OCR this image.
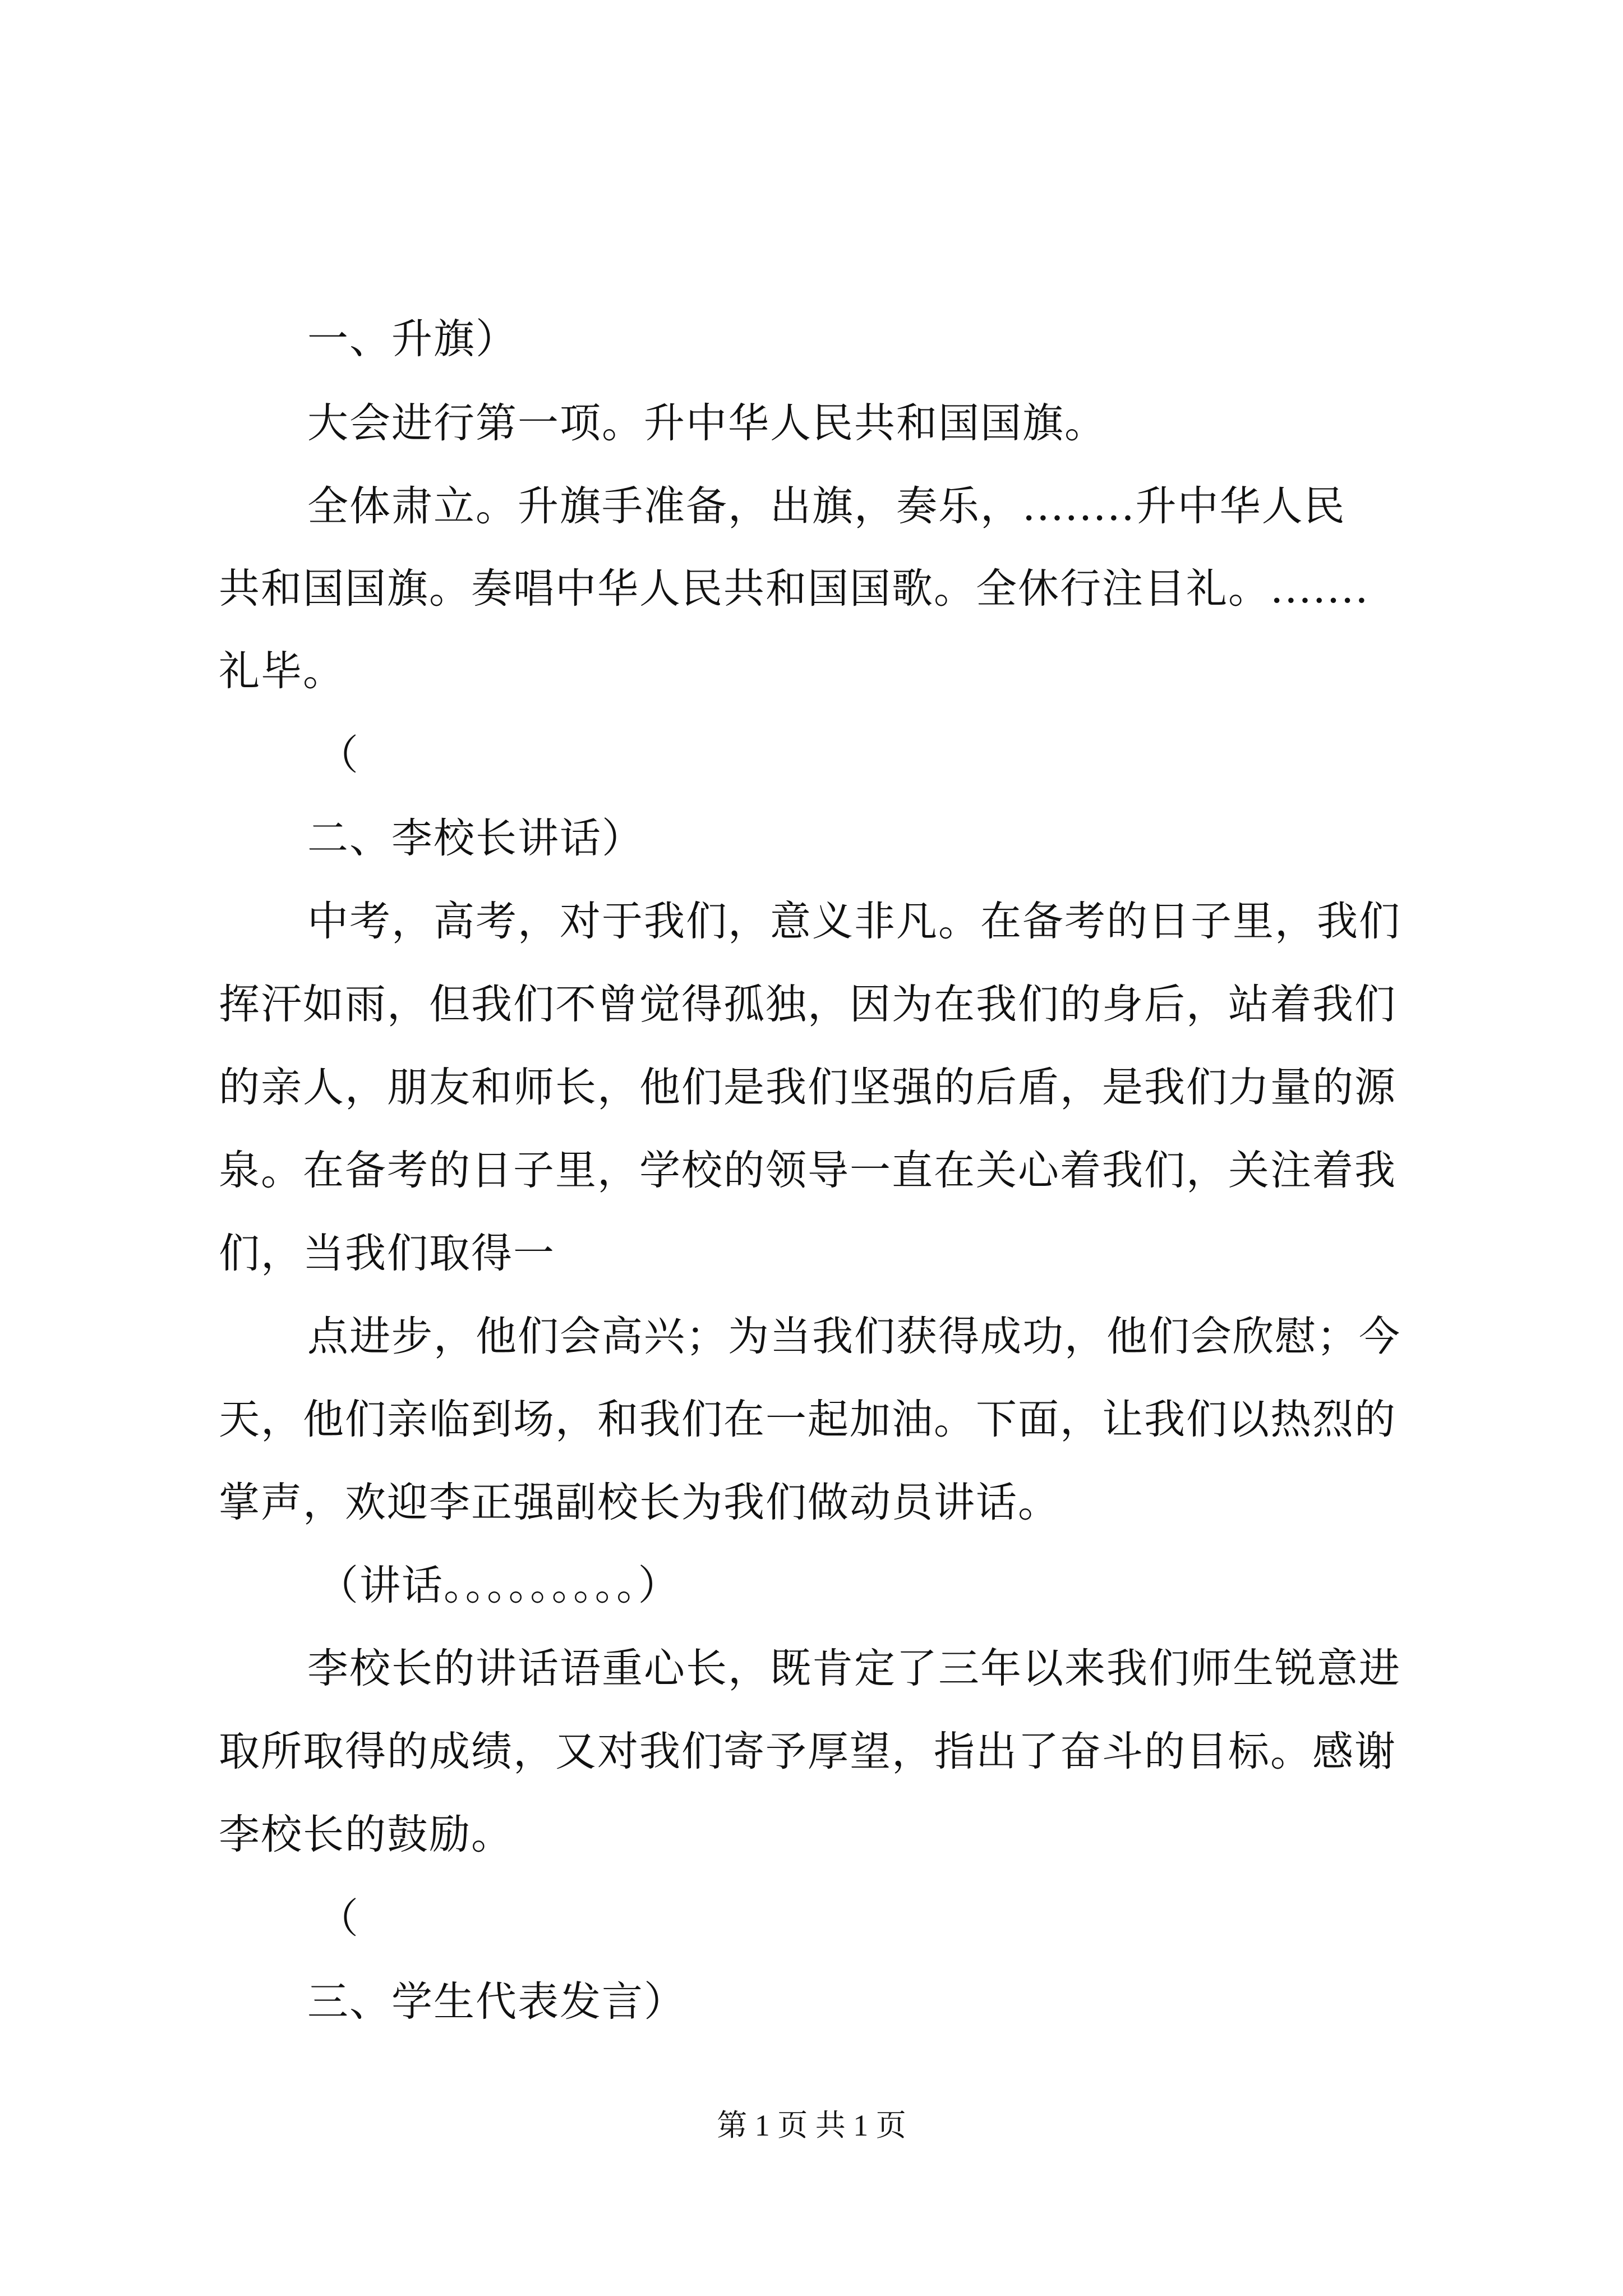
一、升旗）
大会进行第一项。升中华人民共和国国旗。
全体肃立。升旗手准备，出旗，奏乐，........升中华人民
共和国国旗。奏唱中华人民共和国国歌。全休行注目礼。.......
礼毕。
（
二、李校长讲话）
中考，高考，对于我们，意义非凡。在备考的日子里，我们
挥汗如雨，但我们不曾觉得孤独，因为在我们的身后，站着我们
的亲人，朋友和师长，他们是我们坚强的后盾，是我们力量的源
泉。在备考的日子里，学校的领导一直在关心着我们，关注着我
们，当我们取得一
点进步，他们会高兴；为当我们获得成功，他们会欣慰；今
天，他们亲临到场，和我们在一起加油。下面，让我们以热烈的
掌声，欢迎李正强副校长为我们做动员讲话。
（讲话。。。。。。。。。）
李校长的讲话语重心长，既肯定了三年以来我们师生锐意进
取所取得的成绩，又对我们寄予厚望，指出了奋斗的目标。感谢
李校长的鼓励。
（
三、学生代表发言）
第 1 页 共 1 页
